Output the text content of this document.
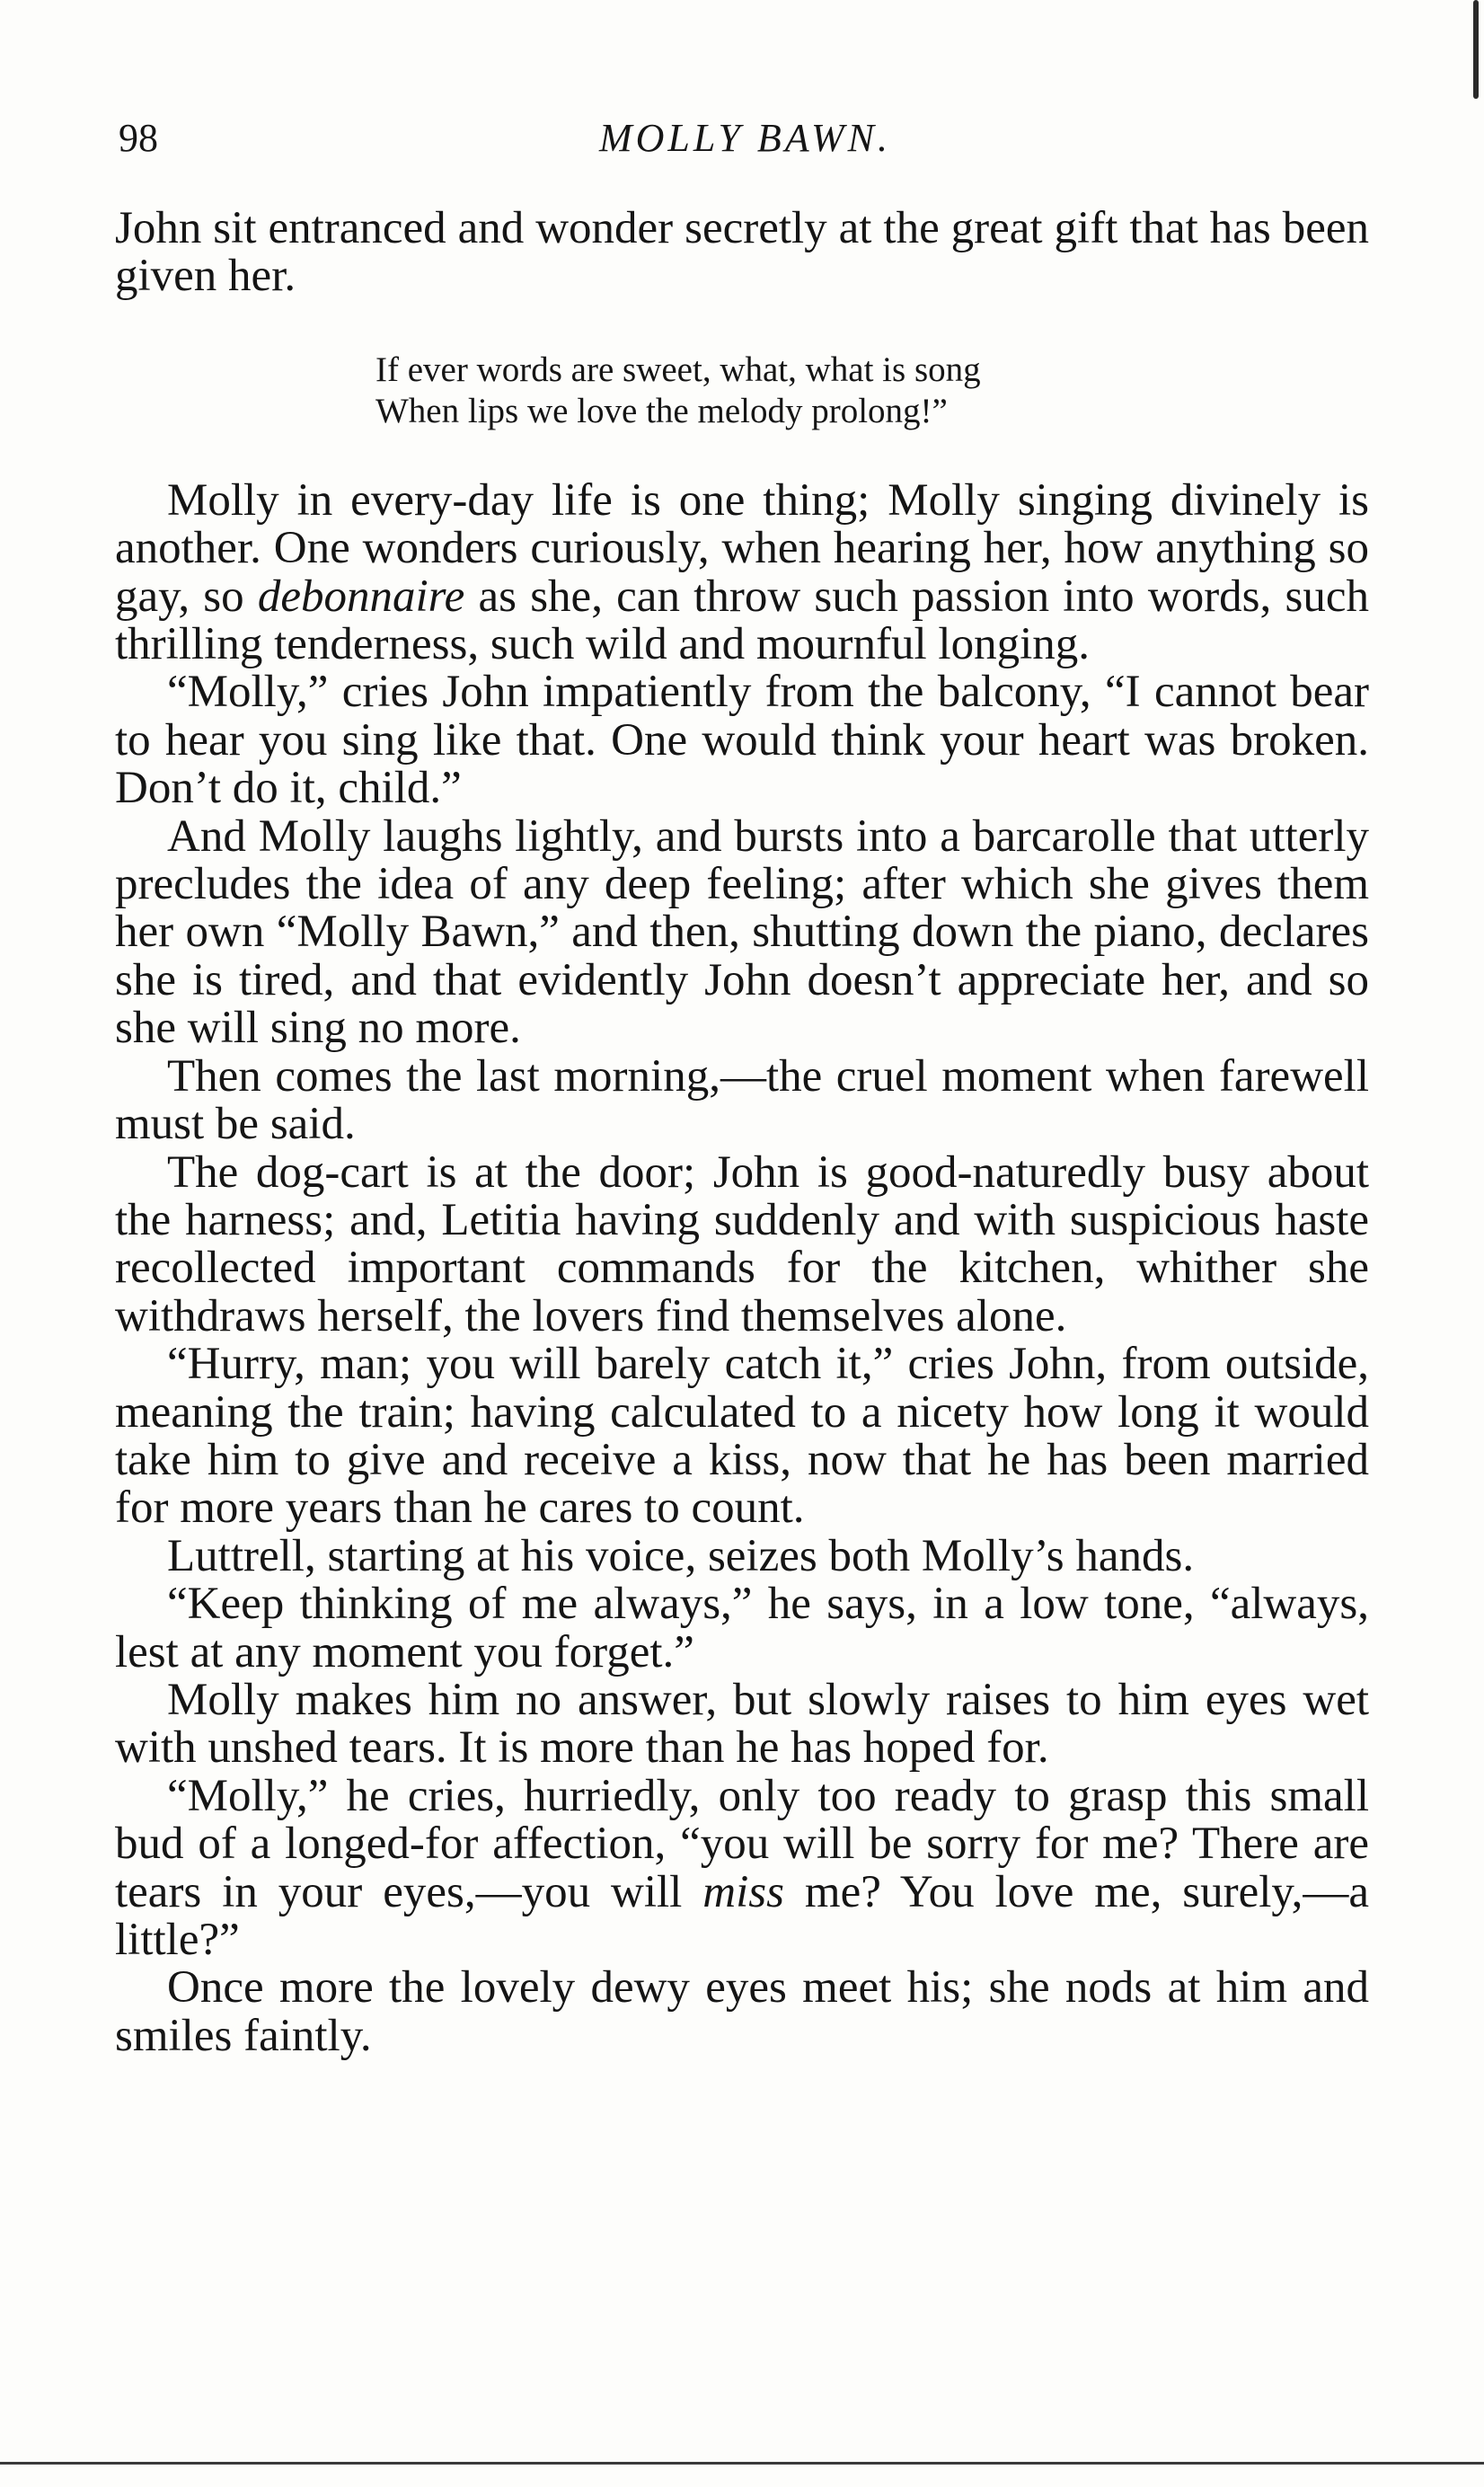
98	MOLLY BAWN.

John sit entranced and wonder secretly at the great gift that has been given her.

If ever words are sweet, what, what is song
When lips we love the melody prolong!”

Molly in every-day life is one thing; Molly singing divinely is another. One wonders curiously, when hearing her, how anything so gay, so debonnaire as she, can throw such passion into words, such thrilling tenderness, such wild and mournful longing.

“Molly,” cries John impatiently from the balcony, “I cannot bear to hear you sing like that. One would think your heart was broken. Don’t do it, child.”

And Molly laughs lightly, and bursts into a barcarolle that utterly precludes the idea of any deep feeling; after which she gives them her own “Molly Bawn,” and then, shutting down the piano, declares she is tired, and that evidently John doesn’t appreciate her, and so she will sing no more.

Then comes the last morning,—the cruel moment when farewell must be said.

The dog-cart is at the door; John is good-naturedly busy about the harness; and, Letitia having suddenly and with suspicious haste recollected important commands for the kitchen, whither she withdraws herself, the lovers find themselves alone.

“Hurry, man; you will barely catch it,” cries John, from outside, meaning the train; having calculated to a nicety how long it would take him to give and receive a kiss, now that he has been married for more years than he cares to count.

Luttrell, starting at his voice, seizes both Molly’s hands.

“Keep thinking of me always,” he says, in a low tone, “always, lest at any moment you forget.”

Molly makes him no answer, but slowly raises to him eyes wet with unshed tears. It is more than he has hoped for.

“Molly,” he cries, hurriedly, only too ready to grasp this small bud of a longed-for affection, “you will be sorry for me? There are tears in your eyes,—you will miss me? You love me, surely,—a little?”

Once more the lovely dewy eyes meet his; she nods at him and smiles faintly.
